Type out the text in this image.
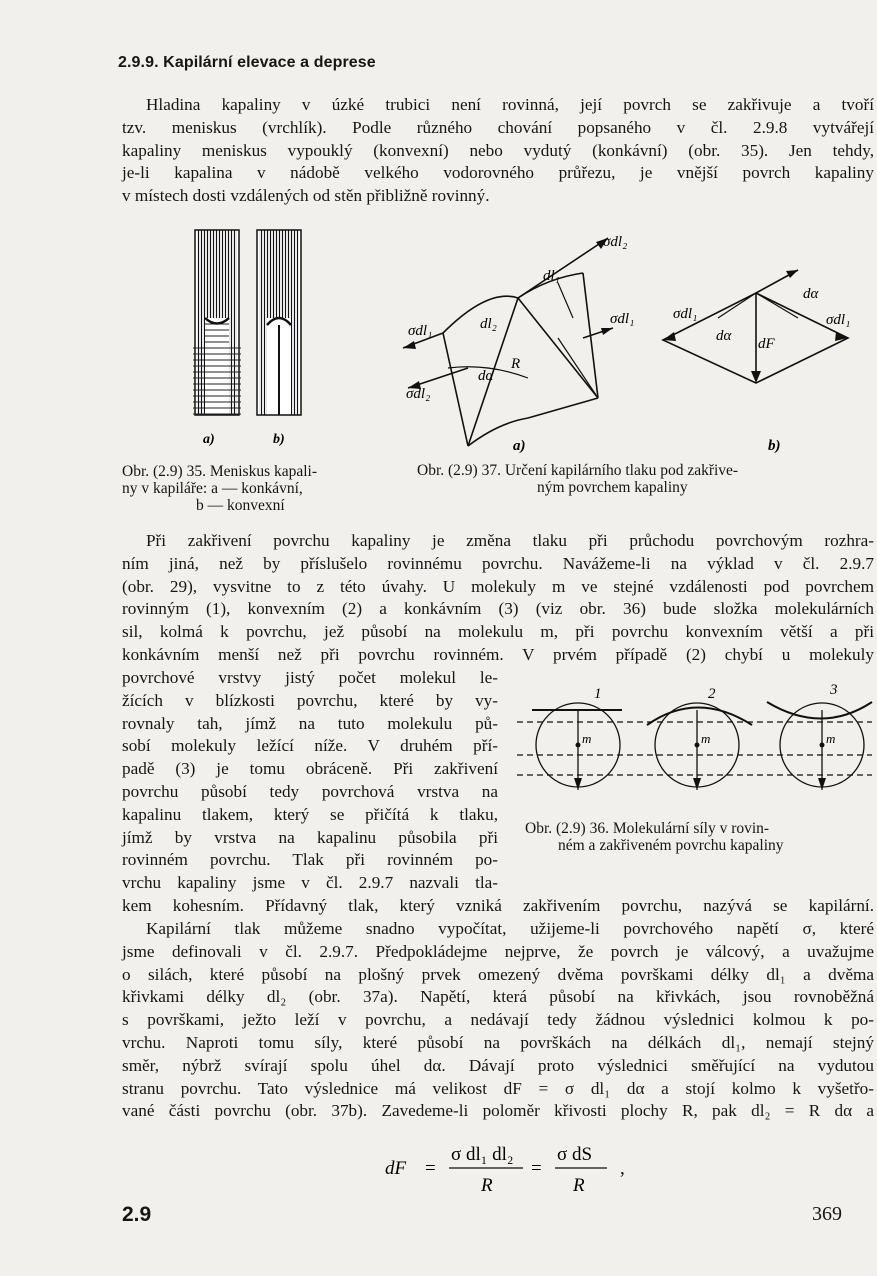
2.9.9. Kapilární elevace a deprese
Hladina kapaliny v úzké trubici není rovinná, její povrch se zakřivuje a tvoří
tzv. meniskus (vrchlík). Podle různého chování popsaného v čl. 2.9.8 vytvářejí
kapaliny meniskus vypouklý (konvexní) nebo vydutý (konkávní) (obr. 35). Jen tehdy,
je-li kapalina v nádobě velkého vodorovného průřezu, je vnější povrch kapaliny
v místech dosti vzdálených od stěn přibližně rovinný.
a)	b)
Obr. (2.9) 35. Meniskus kapali-
ny v kapiláře: a — konkávní,
b — konvexní
σdl₂
σdl₁
σdl₂
dl₂
dl₁
σdl₁
dα
R
a)
σdl₁
dα
dα dF
σdl₁
b)
Obr. (2.9) 37. Určení kapilárního tlaku pod zakřive-
ným povrchem kapaliny
Při zakřivení povrchu kapaliny je změna tlaku při průchodu povrchovým rozhra-
ním jiná, než by příslušelo rovinnému povrchu. Navážeme-li na výklad v čl. 2.9.7
(obr. 29), vysvitne to z této úvahy. U molekuly m ve stejné vzdálenosti pod povrchem
rovinným (1), konvexním (2) a konkávním (3) (viz obr. 36) bude složka molekulárních
sil, kolmá k povrchu, jež působí na molekulu m, při povrchu konvexním větší a při
konkávním menší než při povrchu rovinném. V prvém případě (2) chybí u molekuly
povrchové vrstvy jistý počet molekul le-
žících v blízkosti povrchu, které by vy-
rovnaly tah, jímž na tuto molekulu pů-
sobí molekuly ležící níže. V druhém pří-
padě (3) je tomu obráceně. Při zakřivení
povrchu působí tedy povrchová vrstva na
kapalinu tlakem, který se přičítá k tlaku,
jímž by vrstva na kapalinu působila při
rovinném povrchu. Tlak při rovinném po-
vrchu kapaliny jsme v čl. 2.9.7 nazvali tla-
1	2	3
m	m	m
Obr. (2.9) 36. Molekulární síly v rovin-
ném a zakřiveném povrchu kapaliny
kem kohesním. Přídavný tlak, který vzniká zakřivením povrchu, nazývá se kapilární.
Kapilární tlak můžeme snadno vypočítat, užijeme-li povrchového napětí σ, které
jsme definovali v čl. 2.9.7. Předpokládejme nejprve, že povrch je válcový, a uvažujme
o silách, které působí na plošný prvek omezený dvěma površkami délky dl₁ a dvěma
křivkami délky dl₂ (obr. 37a). Napětí, která působí na křivkách, jsou rovnoběžná
s površkami, ježto leží v povrchu, a nedávají tedy žádnou výslednici kolmou k po-
vrchu. Naproti tomu síly, které působí na površkách na délkách dl₁, nemají stejný
směr, nýbrž svírají spolu úhel dα. Dávají proto výslednici směřující na vydutou
stranu povrchu. Tato výslednice má velikost dF = σ dl₁ dα a stojí kolmo k vyšetřo-
vané části povrchu (obr. 37b). Zavedeme-li poloměr křivosti plochy R, pak dl₂ = R dα a
dF =
σ dl₁ dl₂
R
=
σ dS
R
,
2.9	369
